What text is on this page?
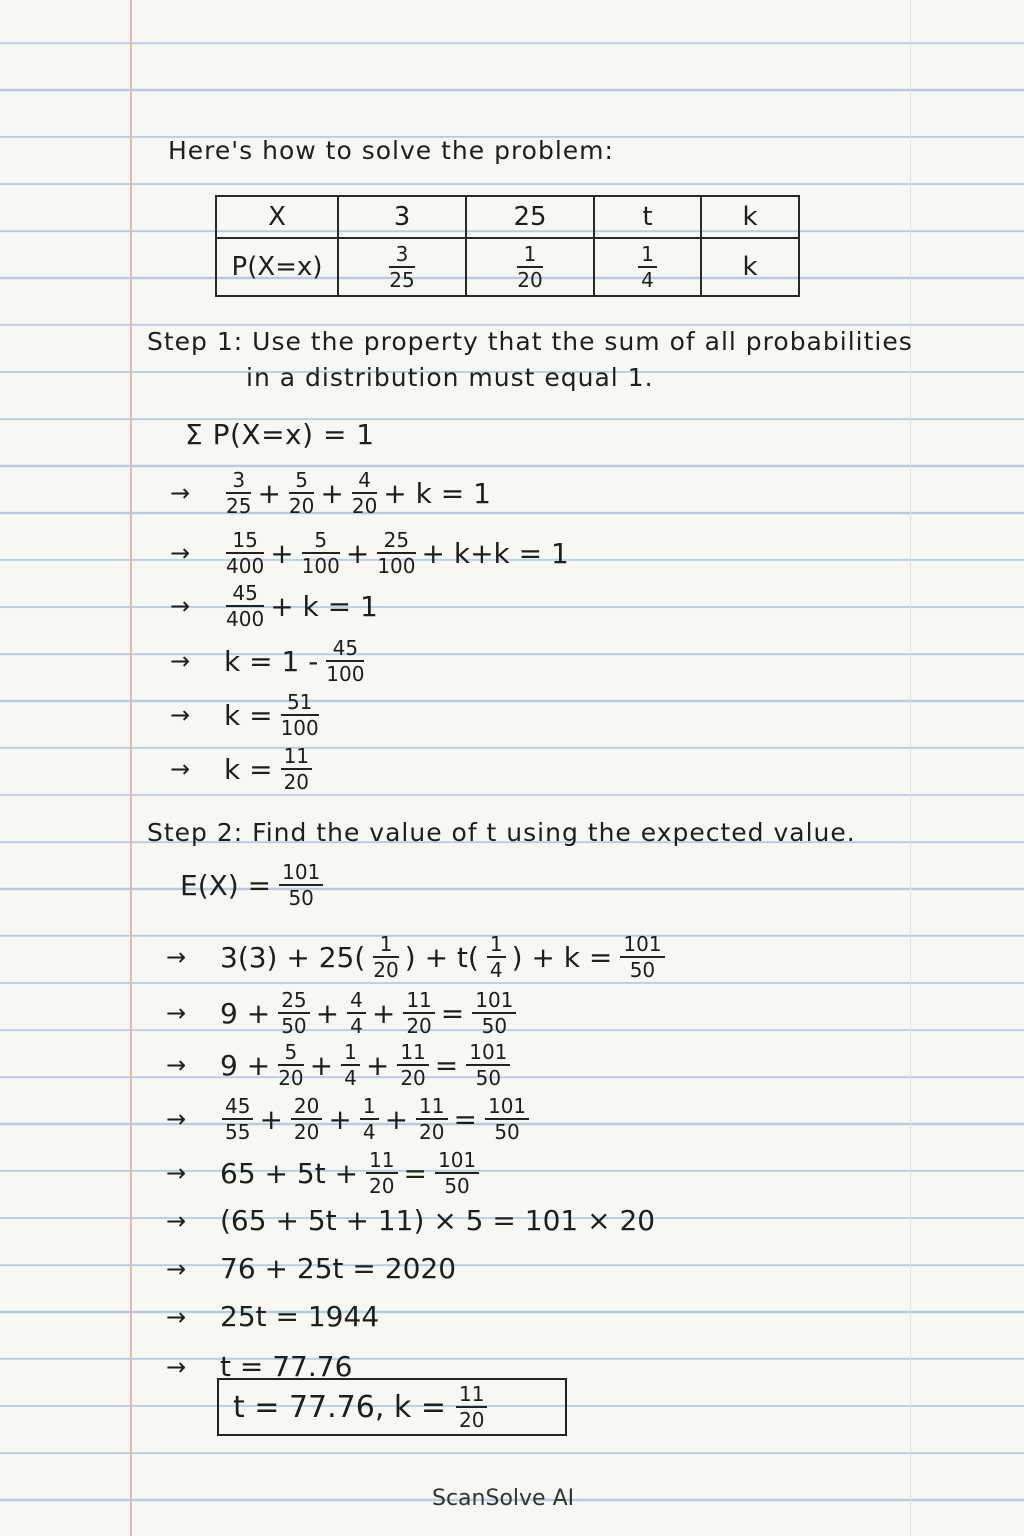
Here's how to solve the problem:
X	3	25	t	k
P(X=x)	$\frac{3}{25}$	$\frac{1}{20}$	$\frac{1}{4}$	k
Step 1: Use the property that the sum of all probabilities
in a distribution must equal 1.
Σ P(X=x) = 1
→	$\frac{3}{25} + \frac{5}{20} + \frac{4}{20} + k = 1$
→	$\frac{15}{400} + \frac{5}{100} + \frac{25}{100} + k+k = 1$
→	$\frac{45}{400} + k = 1$
→	$k = 1 - \frac{45}{100}$
→	$k = \frac{51}{100}$
→	$k = \frac{11}{20}$
Step 2: Find the value of t using the expected value.
$E(X) = \frac{101}{50}$
→	$3(3) + 25( \frac{1}{20}$ ) + $t( \frac{1}{4}$ ) + $k = \frac{101}{50}$
→	$9 + \frac{25}{50} + \frac{4}{4} + \frac{11}{20} = \frac{101}{50}$
→	$9 + \frac{5}{20} + \frac{1}{4} + \frac{11}{20} = \frac{101}{50}$
→	$\frac{45}{55} + \frac{20}{20} + \frac{1}{4} + \frac{11}{20} = \frac{101}{50}$
→	$65 + 5t + \frac{11}{20} = \frac{101}{50}$
→	(65 + 5t + 11) × 5 = 101 × 20
→	76 + 25t = 2020
→	25t = 1944
→	t = 77.76
t = 77.76, $k = \frac{11}{20}$
ScanSolve AI
